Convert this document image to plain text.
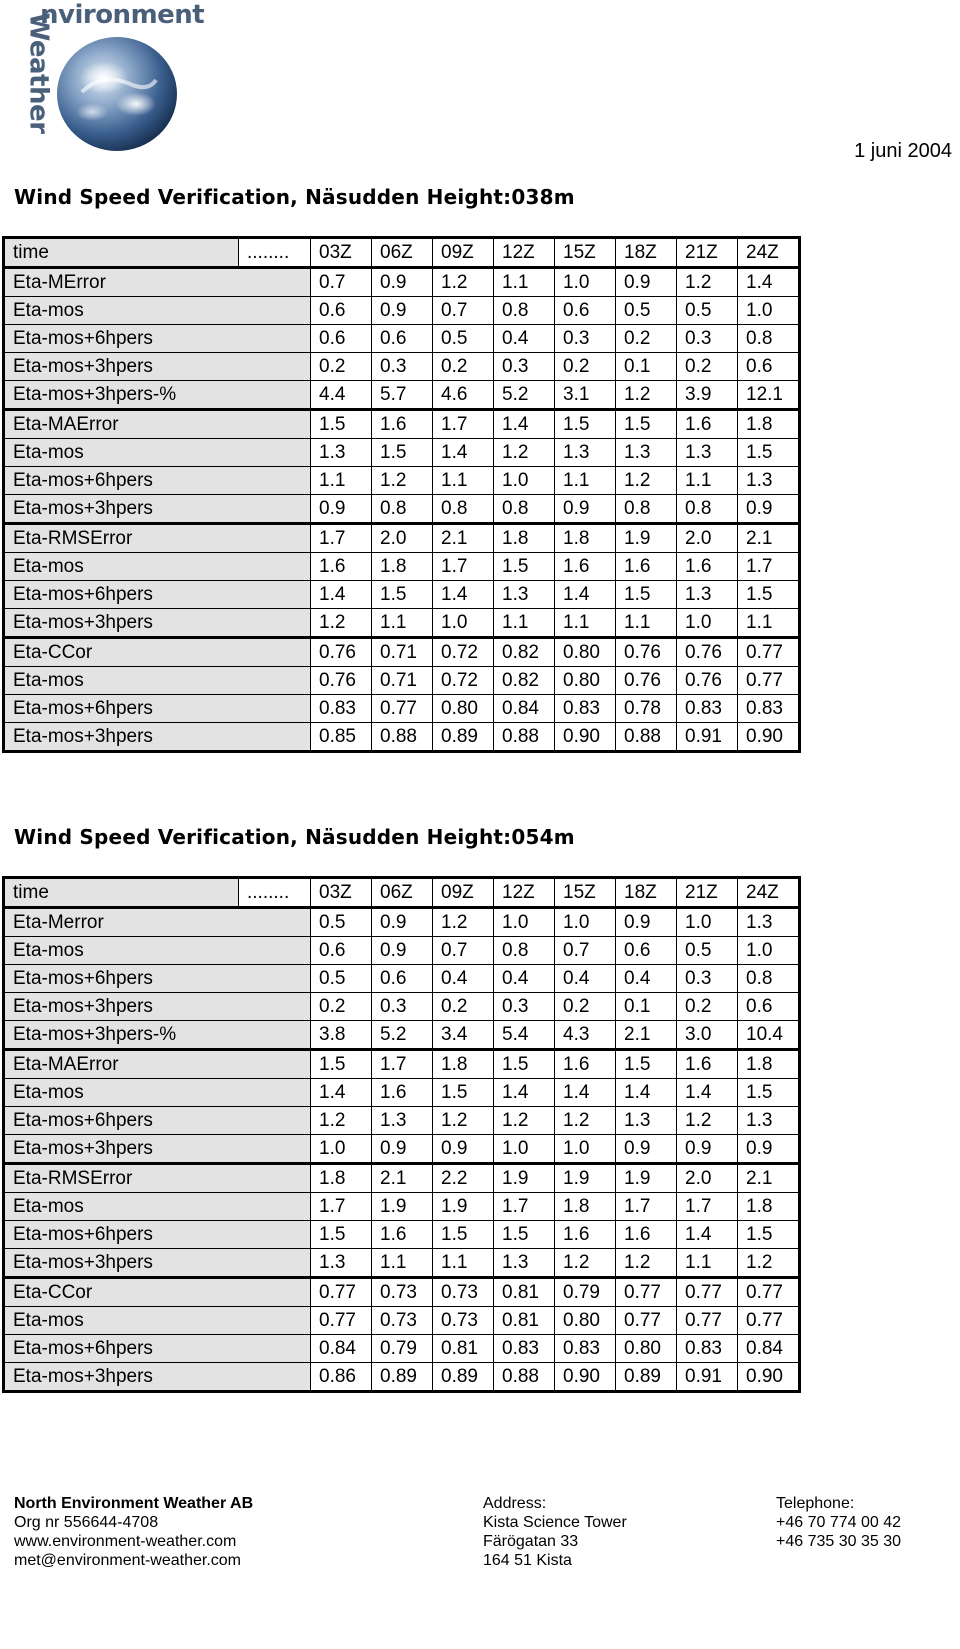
Weather
nvironment
1 juni 2004
Wind Speed Verification, Näsudden Height:038m
time	........	03Z	06Z	09Z	12Z	15Z	18Z	21Z	24Z
Eta-MError		0.7	0.9	1.2	1.1	1.0	0.9	1.2	1.4
Eta-mos		0.6	0.9	0.7	0.8	0.6	0.5	0.5	1.0
Eta-mos+6hpers		0.6	0.6	0.5	0.4	0.3	0.2	0.3	0.8
Eta-mos+3hpers		0.2	0.3	0.2	0.3	0.2	0.1	0.2	0.6
Eta-mos+3hpers-%		4.4	5.7	4.6	5.2	3.1	1.2	3.9	12.1
Eta-MAError		1.5	1.6	1.7	1.4	1.5	1.5	1.6	1.8
Eta-mos		1.3	1.5	1.4	1.2	1.3	1.3	1.3	1.5
Eta-mos+6hpers		1.1	1.2	1.1	1.0	1.1	1.2	1.1	1.3
Eta-mos+3hpers		0.9	0.8	0.8	0.8	0.9	0.8	0.8	0.9
Eta-RMSError		1.7	2.0	2.1	1.8	1.8	1.9	2.0	2.1
Eta-mos		1.6	1.8	1.7	1.5	1.6	1.6	1.6	1.7
Eta-mos+6hpers		1.4	1.5	1.4	1.3	1.4	1.5	1.3	1.5
Eta-mos+3hpers		1.2	1.1	1.0	1.1	1.1	1.1	1.0	1.1
Eta-CCor		0.76	0.71	0.72	0.82	0.80	0.76	0.76	0.77
Eta-mos		0.76	0.71	0.72	0.82	0.80	0.76	0.76	0.77
Eta-mos+6hpers		0.83	0.77	0.80	0.84	0.83	0.78	0.83	0.83
Eta-mos+3hpers		0.85	0.88	0.89	0.88	0.90	0.88	0.91	0.90
Wind Speed Verification, Näsudden Height:054m
time	........	03Z	06Z	09Z	12Z	15Z	18Z	21Z	24Z
Eta-Merror		0.5	0.9	1.2	1.0	1.0	0.9	1.0	1.3
Eta-mos		0.6	0.9	0.7	0.8	0.7	0.6	0.5	1.0
Eta-mos+6hpers		0.5	0.6	0.4	0.4	0.4	0.4	0.3	0.8
Eta-mos+3hpers		0.2	0.3	0.2	0.3	0.2	0.1	0.2	0.6
Eta-mos+3hpers-%		3.8	5.2	3.4	5.4	4.3	2.1	3.0	10.4
Eta-MAError		1.5	1.7	1.8	1.5	1.6	1.5	1.6	1.8
Eta-mos		1.4	1.6	1.5	1.4	1.4	1.4	1.4	1.5
Eta-mos+6hpers		1.2	1.3	1.2	1.2	1.2	1.3	1.2	1.3
Eta-mos+3hpers		1.0	0.9	0.9	1.0	1.0	0.9	0.9	0.9
Eta-RMSError		1.8	2.1	2.2	1.9	1.9	1.9	2.0	2.1
Eta-mos		1.7	1.9	1.9	1.7	1.8	1.7	1.7	1.8
Eta-mos+6hpers		1.5	1.6	1.5	1.5	1.6	1.6	1.4	1.5
Eta-mos+3hpers		1.3	1.1	1.1	1.3	1.2	1.2	1.1	1.2
Eta-CCor		0.77	0.73	0.73	0.81	0.79	0.77	0.77	0.77
Eta-mos		0.77	0.73	0.73	0.81	0.80	0.77	0.77	0.77
Eta-mos+6hpers		0.84	0.79	0.81	0.83	0.83	0.80	0.83	0.84
Eta-mos+3hpers		0.86	0.89	0.89	0.88	0.90	0.89	0.91	0.90
North Environment Weather AB
Org nr 556644-4708
www.environment-weather.com
met@environment-weather.com
Address:
Kista Science Tower
Färögatan 33
164 51 Kista
Telephone:
+46 70 774 00 42
+46 735 30 35 30
